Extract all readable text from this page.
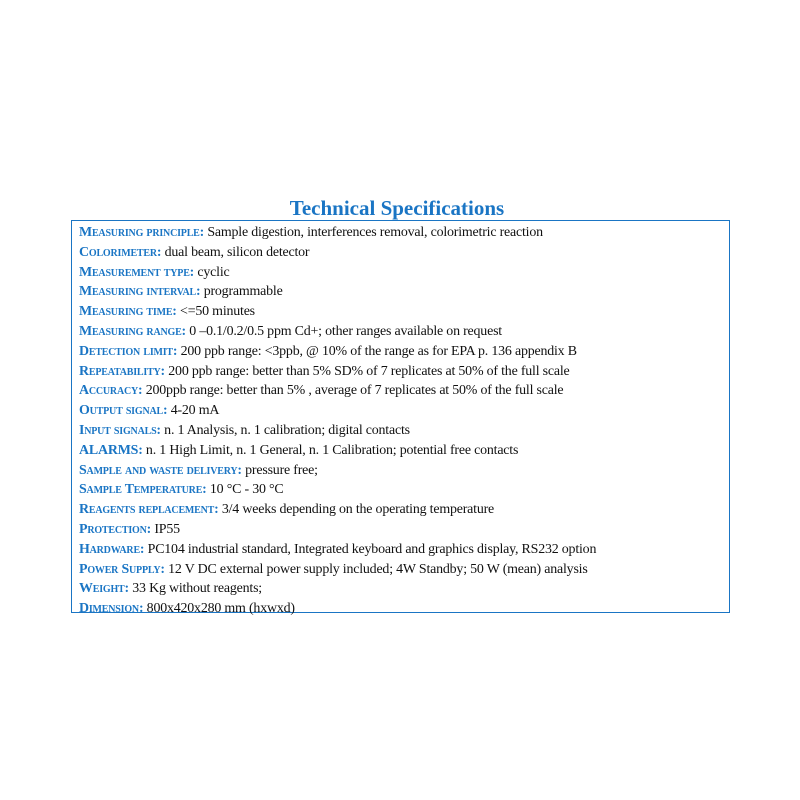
Technical Specifications
Measuring principle: Sample digestion, interferences removal, colorimetric reaction
Colorimeter: dual beam, silicon detector
Measurement type: cyclic
Measuring interval: programmable
Measuring time: <=50 minutes
Measuring range: 0 –0.1/0.2/0.5 ppm Cd+; other ranges available on request
Detection limit: 200 ppb range: <3ppb, @ 10% of the range as for EPA p. 136 appendix B
Repeatability: 200 ppb range: better than 5% SD% of 7 replicates at 50% of the full scale
Accuracy: 200ppb range: better than 5% , average of 7 replicates at 50% of the full scale
Output signal: 4-20 mA
Input signals: n. 1 Analysis, n. 1 calibration; digital contacts
ALARMS: n. 1 High Limit, n. 1 General, n. 1 Calibration; potential free contacts
Sample and waste delivery: pressure free;
Sample Temperature: 10 °C - 30 °C
Reagents replacement: 3/4 weeks depending on the operating temperature
Protection: IP55
Hardware: PC104 industrial standard, Integrated keyboard and graphics display, RS232 option
Power Supply: 12 V DC external power supply included; 4W Standby; 50 W (mean) analysis
Weight: 33 Kg without reagents;
Dimension: 800x420x280 mm (hxwxd)
